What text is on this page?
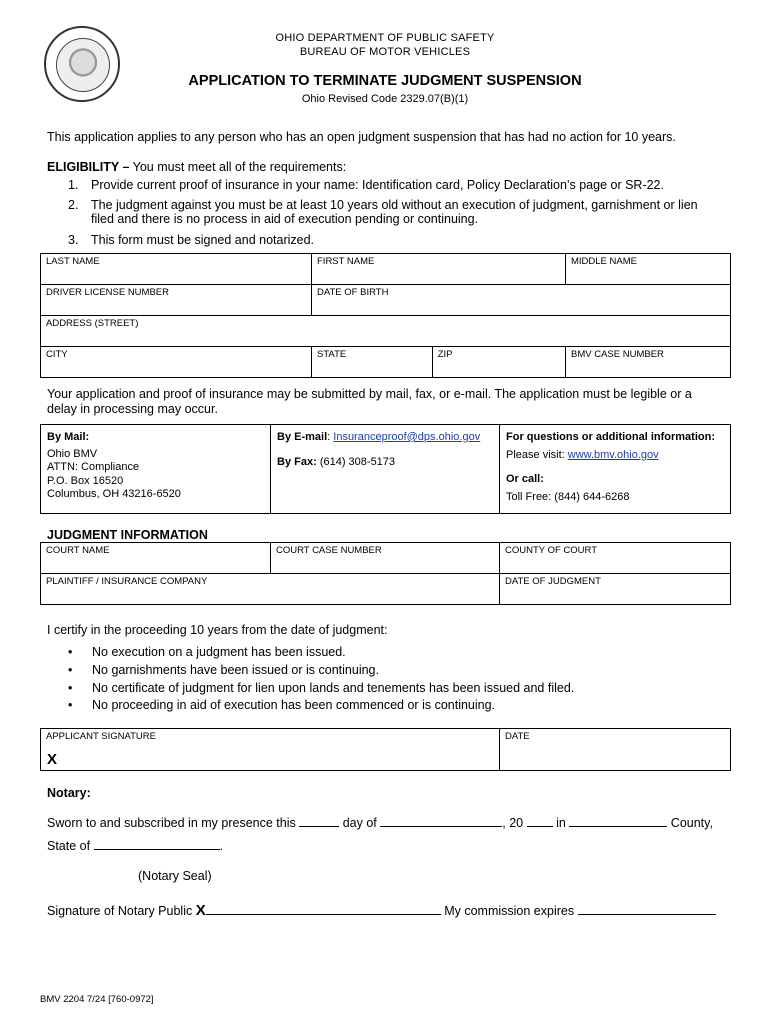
OHIO DEPARTMENT OF PUBLIC SAFETY
BUREAU OF MOTOR VEHICLES
APPLICATION TO TERMINATE JUDGMENT SUSPENSION
Ohio Revised Code 2329.07(B)(1)
This application applies to any person who has an open judgment suspension that has had no action for 10 years.
ELIGIBILITY – You must meet all of the requirements:
1. Provide current proof of insurance in your name: Identification card, Policy Declaration’s page or SR-22.
2. The judgment against you must be at least 10 years old without an execution of judgment, garnishment or lien
filed and there is no process in aid of execution pending or continuing.
3. This form must be signed and notarized.
LAST NAME	FIRST NAME		MIDDLE NAME
DRIVER LICENSE NUMBER	DATE OF BIRTH		
ADDRESS (STREET)			
CITY	STATE	ZIP	BMV CASE NUMBER
Your application and proof of insurance may be submitted by mail, fax, or e-mail. The application must be legible or a
delay in processing may occur.
By Mail:
Ohio BMV
ATTN: Compliance
P.O. Box 16520
Columbus, OH 43216-6520
By E-mail: Insuranceproof@dps.ohio.gov
By Fax: (614) 308-5173
For questions or additional information:
Please visit: www.bmv.ohio.gov
Or call:
Toll Free: (844) 644-6268
JUDGMENT INFORMATION
COURT NAME	COURT CASE NUMBER	COUNTY OF COURT
PLAINTIFF / INSURANCE COMPANY		DATE OF JUDGMENT
I certify in the proceeding 10 years from the date of judgment:
• No execution on a judgment has been issued.
• No garnishments have been issued or is continuing.
• No certificate of judgment for lien upon lands and tenements has been issued and filed.
• No proceeding in aid of execution has been commenced or is continuing.
APPLICANT SIGNATURE
X
	DATE
Notary:
Sworn to and subscribed in my presence this	day of	, 20	in	County,
State of	.
(Notary Seal)
Signature of Notary Public X	My commission expires
BMV 2204 7/24 [760-0972]
